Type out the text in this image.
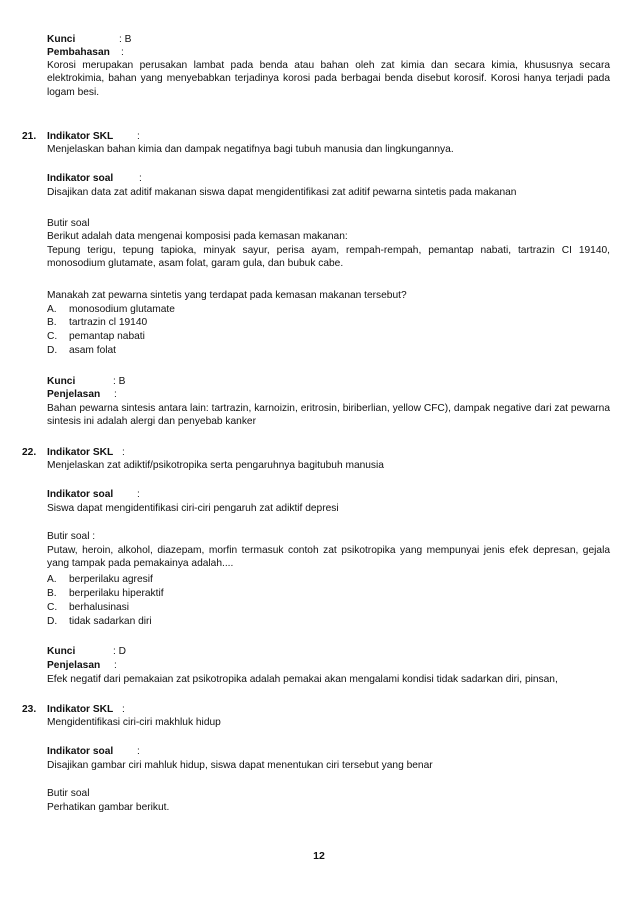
Kunci	: B
Pembahasan :

Korosi merupakan perusakan lambat pada benda atau bahan oleh zat kimia dan secara kimia, khususnya secara elektrokimia, bahan yang menyebabkan terjadinya korosi pada berbagai benda disebut korosif. Korosi hanya terjadi pada logam besi.

21. Indikator SKL :
Menjelaskan bahan kimia dan dampak negatifnya bagi tubuh manusia dan lingkungannya.
Indikator soal	:
Disajikan data zat aditif makanan siswa dapat mengidentifikasi zat aditif pewarna sintetis pada makanan
Butir soal
Berikut adalah data mengenai komposisi pada kemasan makanan:

Tepung terigu, tepung tapioka, minyak sayur, perisa ayam, rempah-rempah, pemantap nabati, tartrazin CI 19140, monosodium glutamate, asam folat, garam gula, dan bubuk cabe.

Manakah zat pewarna sintetis yang terdapat pada kemasan makanan tersebut?
A. monosodium glutamate
B. tartrazin cl 19140
C. pemantap nabati
D. asam folat
Kunci	: B
Penjelasan :

Bahan pewarna sintesis antara lain: tartrazin, karnoizin, eritrosin, biriberlian, yellow CFC), dampak negative dari zat pewarna sintesis ini adalah alergi dan penyebab kanker

22. Indikator SKL :
Menjelaskan zat adiktif/psikotropika serta pengaruhnya bagitubuh manusia
Indikator soal :
Siswa dapat mengidentifikasi ciri-ciri pengaruh zat adiktif depresi
Butir soal :

Putaw, heroin, alkohol, diazepam, morfin termasuk contoh zat psikotropika yang mempunyai jenis efek depresan, gejala yang tampak pada pemakainya adalah....

A. berperilaku agresif
B. berperilaku hiperaktif
C. berhalusinasi
D. tidak sadarkan diri
Kunci	: D
Penjelasan :
Efek negatif dari pemakaian zat psikotropika adalah pemakai akan mengalami kondisi tidak sadarkan diri, pinsan,
23. Indikator SKL :
Mengidentifikasi ciri-ciri makhluk hidup
Indikator soal :
Disajikan gambar ciri mahluk hidup, siswa dapat menentukan ciri tersebut yang benar
Butir soal
Perhatikan gambar berikut.
12
